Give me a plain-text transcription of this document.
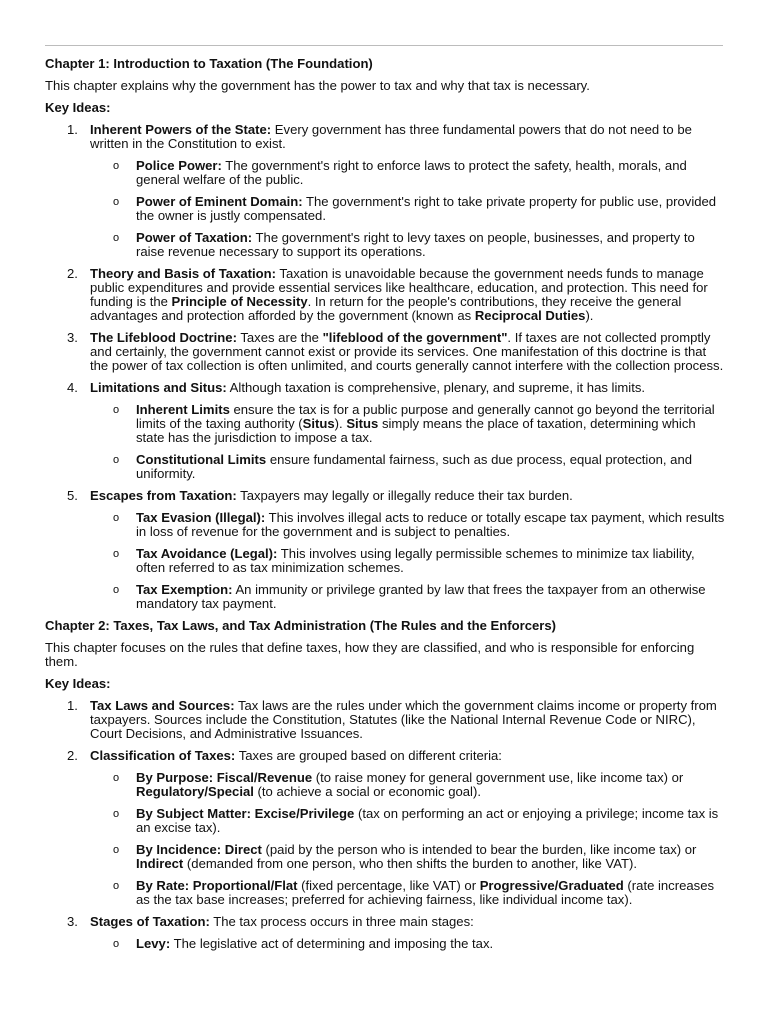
Chapter 1: Introduction to Taxation (The Foundation)

This chapter explains why the government has the power to tax and why that tax is necessary.

Key Ideas:
1. Inherent Powers of the State: Every government has three fundamental powers that do not need to be written in the Constitution to exist.
o Police Power: The government's right to enforce laws to protect the safety, health, morals, and general welfare of the public.
o Power of Eminent Domain: The government's right to take private property for public use, provided the owner is justly compensated.
o Power of Taxation: The government's right to levy taxes on people, businesses, and property to raise revenue necessary to support its operations.
2. Theory and Basis of Taxation: Taxation is unavoidable because the government needs funds to manage public expenditures and provide essential services like healthcare, education, and protection. This need for funding is the Principle of Necessity. In return for the people's contributions, they receive the general advantages and protection afforded by the government (known as Reciprocal Duties).
3. The Lifeblood Doctrine: Taxes are the "lifeblood of the government". If taxes are not collected promptly and certainly, the government cannot exist or provide its services. One manifestation of this doctrine is that the power of tax collection is often unlimited, and courts generally cannot interfere with the collection process.
4. Limitations and Situs: Although taxation is comprehensive, plenary, and supreme, it has limits.
o Inherent Limits ensure the tax is for a public purpose and generally cannot go beyond the territorial limits of the taxing authority (Situs). Situs simply means the place of taxation, determining which state has the jurisdiction to impose a tax.
o Constitutional Limits ensure fundamental fairness, such as due process, equal protection, and uniformity.
5. Escapes from Taxation: Taxpayers may legally or illegally reduce their tax burden.
o Tax Evasion (Illegal): This involves illegal acts to reduce or totally escape tax payment, which results in loss of revenue for the government and is subject to penalties.
o Tax Avoidance (Legal): This involves using legally permissible schemes to minimize tax liability, often referred to as tax minimization schemes.
o Tax Exemption: An immunity or privilege granted by law that frees the taxpayer from an otherwise mandatory tax payment.
Chapter 2: Taxes, Tax Laws, and Tax Administration (The Rules and the Enforcers)

This chapter focuses on the rules that define taxes, how they are classified, and who is responsible for enforcing them.

Key Ideas:
1. Tax Laws and Sources: Tax laws are the rules under which the government claims income or property from taxpayers. Sources include the Constitution, Statutes (like the National Internal Revenue Code or NIRC), Court Decisions, and Administrative Issuances.
2. Classification of Taxes: Taxes are grouped based on different criteria:
o By Purpose: Fiscal/Revenue (to raise money for general government use, like income tax) or Regulatory/Special (to achieve a social or economic goal).
o By Subject Matter: Excise/Privilege (tax on performing an act or enjoying a privilege; income tax is an excise tax).
o By Incidence: Direct (paid by the person who is intended to bear the burden, like income tax) or Indirect (demanded from one person, who then shifts the burden to another, like VAT).
o By Rate: Proportional/Flat (fixed percentage, like VAT) or Progressive/Graduated (rate increases as the tax base increases; preferred for achieving fairness, like individual income tax).
3. Stages of Taxation: The tax process occurs in three main stages:
o Levy: The legislative act of determining and imposing the tax.
